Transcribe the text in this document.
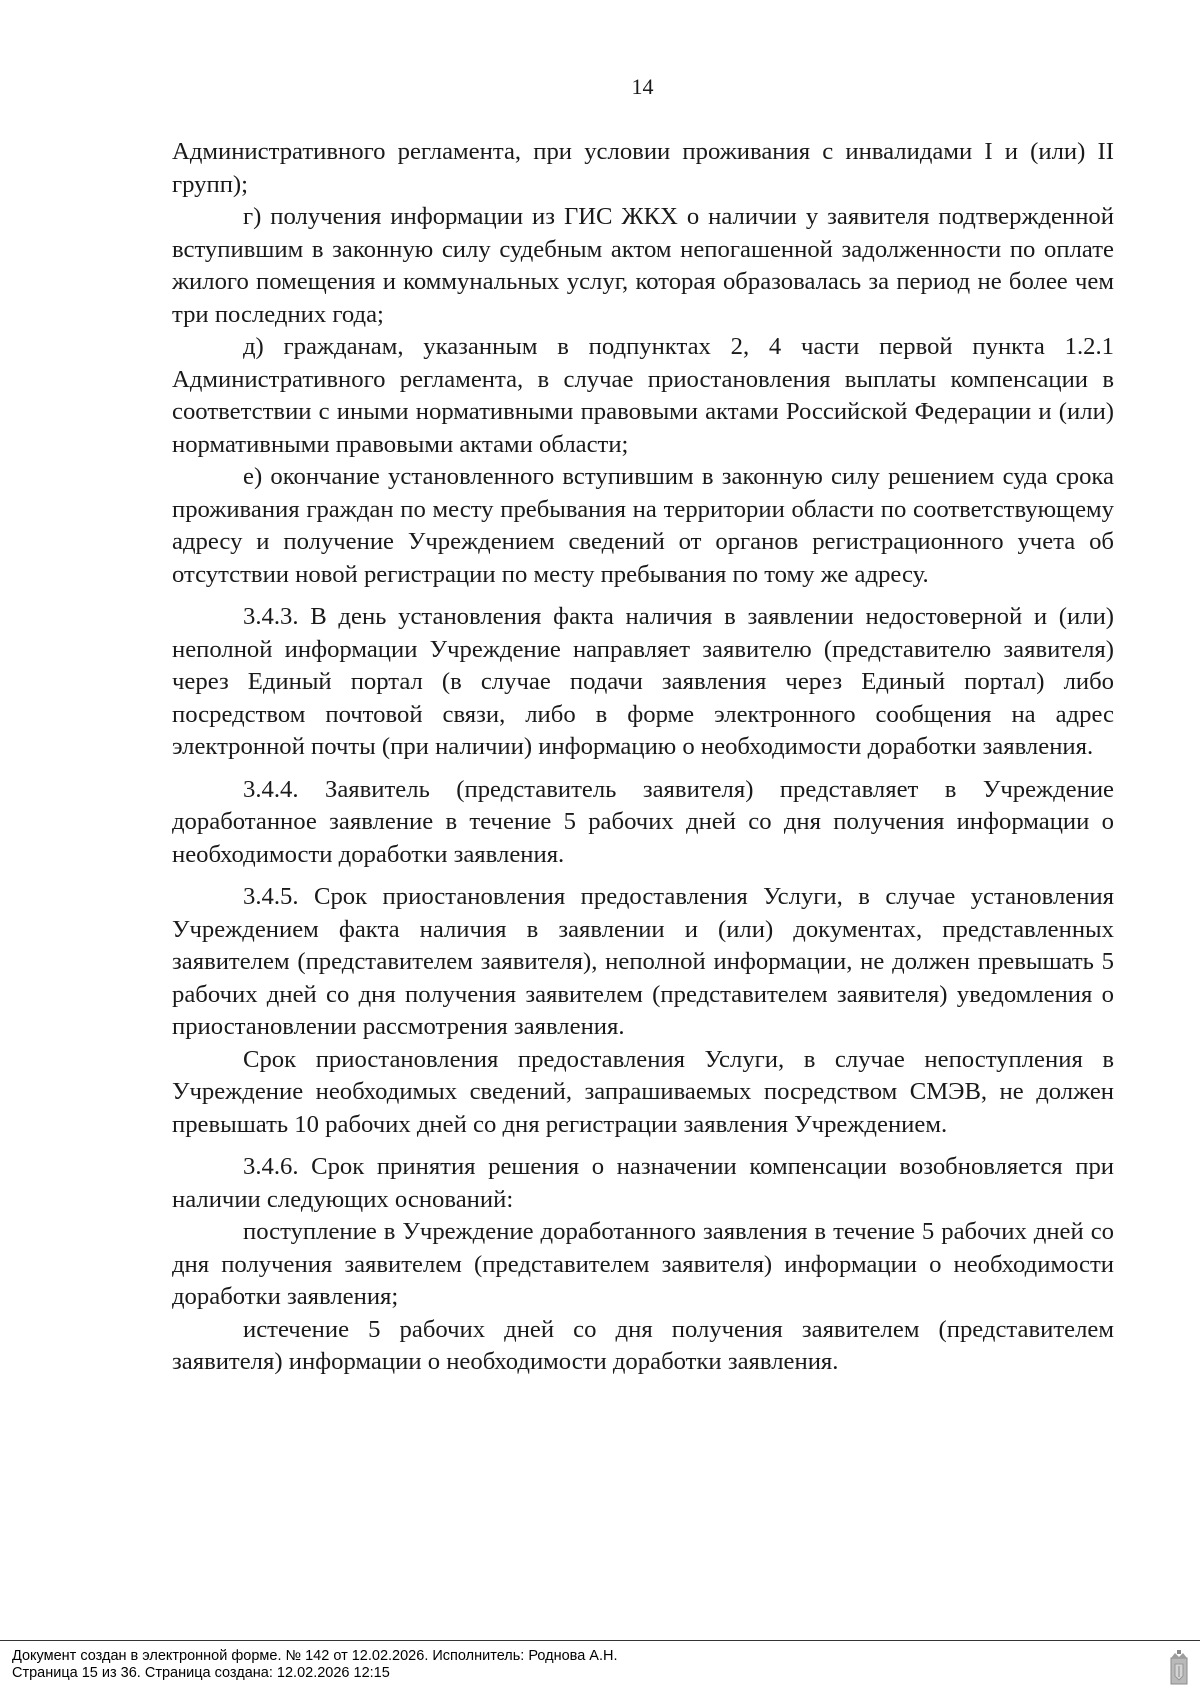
14

Административного регламента, при условии проживания с инвалидами I и (или) II групп);

г) получения информации из ГИС ЖКХ о наличии у заявителя подтвержденной вступившим в законную силу судебным актом непогашенной задолженности по оплате жилого помещения и коммунальных услуг, которая образовалась за период не более чем три последних года;

д) гражданам, указанным в подпунктах 2, 4 части первой пункта 1.2.1 Административного регламента, в случае приостановления выплаты компенсации в соответствии с иными нормативными правовыми актами Российской Федерации и (или) нормативными правовыми актами области;

е) окончание установленного вступившим в законную силу решением суда срока проживания граждан по месту пребывания на территории области по соответствующему адресу и получение Учреждением сведений от органов регистрационного учета об отсутствии новой регистрации по месту пребывания по тому же адресу.

3.4.3. В день установления факта наличия в заявлении недостоверной и (или) неполной информации Учреждение направляет заявителю (представителю заявителя) через Единый портал (в случае подачи заявления через Единый портал) либо посредством почтовой связи, либо в форме электронного сообщения на адрес электронной почты (при наличии) информацию о необходимости доработки заявления.

3.4.4. Заявитель (представитель заявителя) представляет в Учреждение доработанное заявление в течение 5 рабочих дней со дня получения информации о необходимости доработки заявления.

3.4.5. Срок приостановления предоставления Услуги, в случае установления Учреждением факта наличия в заявлении и (или) документах, представленных заявителем (представителем заявителя), неполной информации, не должен превышать 5 рабочих дней со дня получения заявителем (представителем заявителя) уведомления о приостановлении рассмотрения заявления.

Срок приостановления предоставления Услуги, в случае непоступления в Учреждение необходимых сведений, запрашиваемых посредством СМЭВ, не должен превышать 10 рабочих дней со дня регистрации заявления Учреждением.

3.4.6. Срок принятия решения о назначении компенсации возобновляется при наличии следующих оснований:

поступление в Учреждение доработанного заявления в течение 5 рабочих дней со дня получения заявителем (представителем заявителя) информации о необходимости доработки заявления;

истечение 5 рабочих дней со дня получения заявителем (представителем заявителя) информации о необходимости доработки заявления.

Документ создан в электронной форме. № 142 от 12.02.2026. Исполнитель: Роднова А.Н.
Страница 15 из 36. Страница создана: 12.02.2026 12:15
